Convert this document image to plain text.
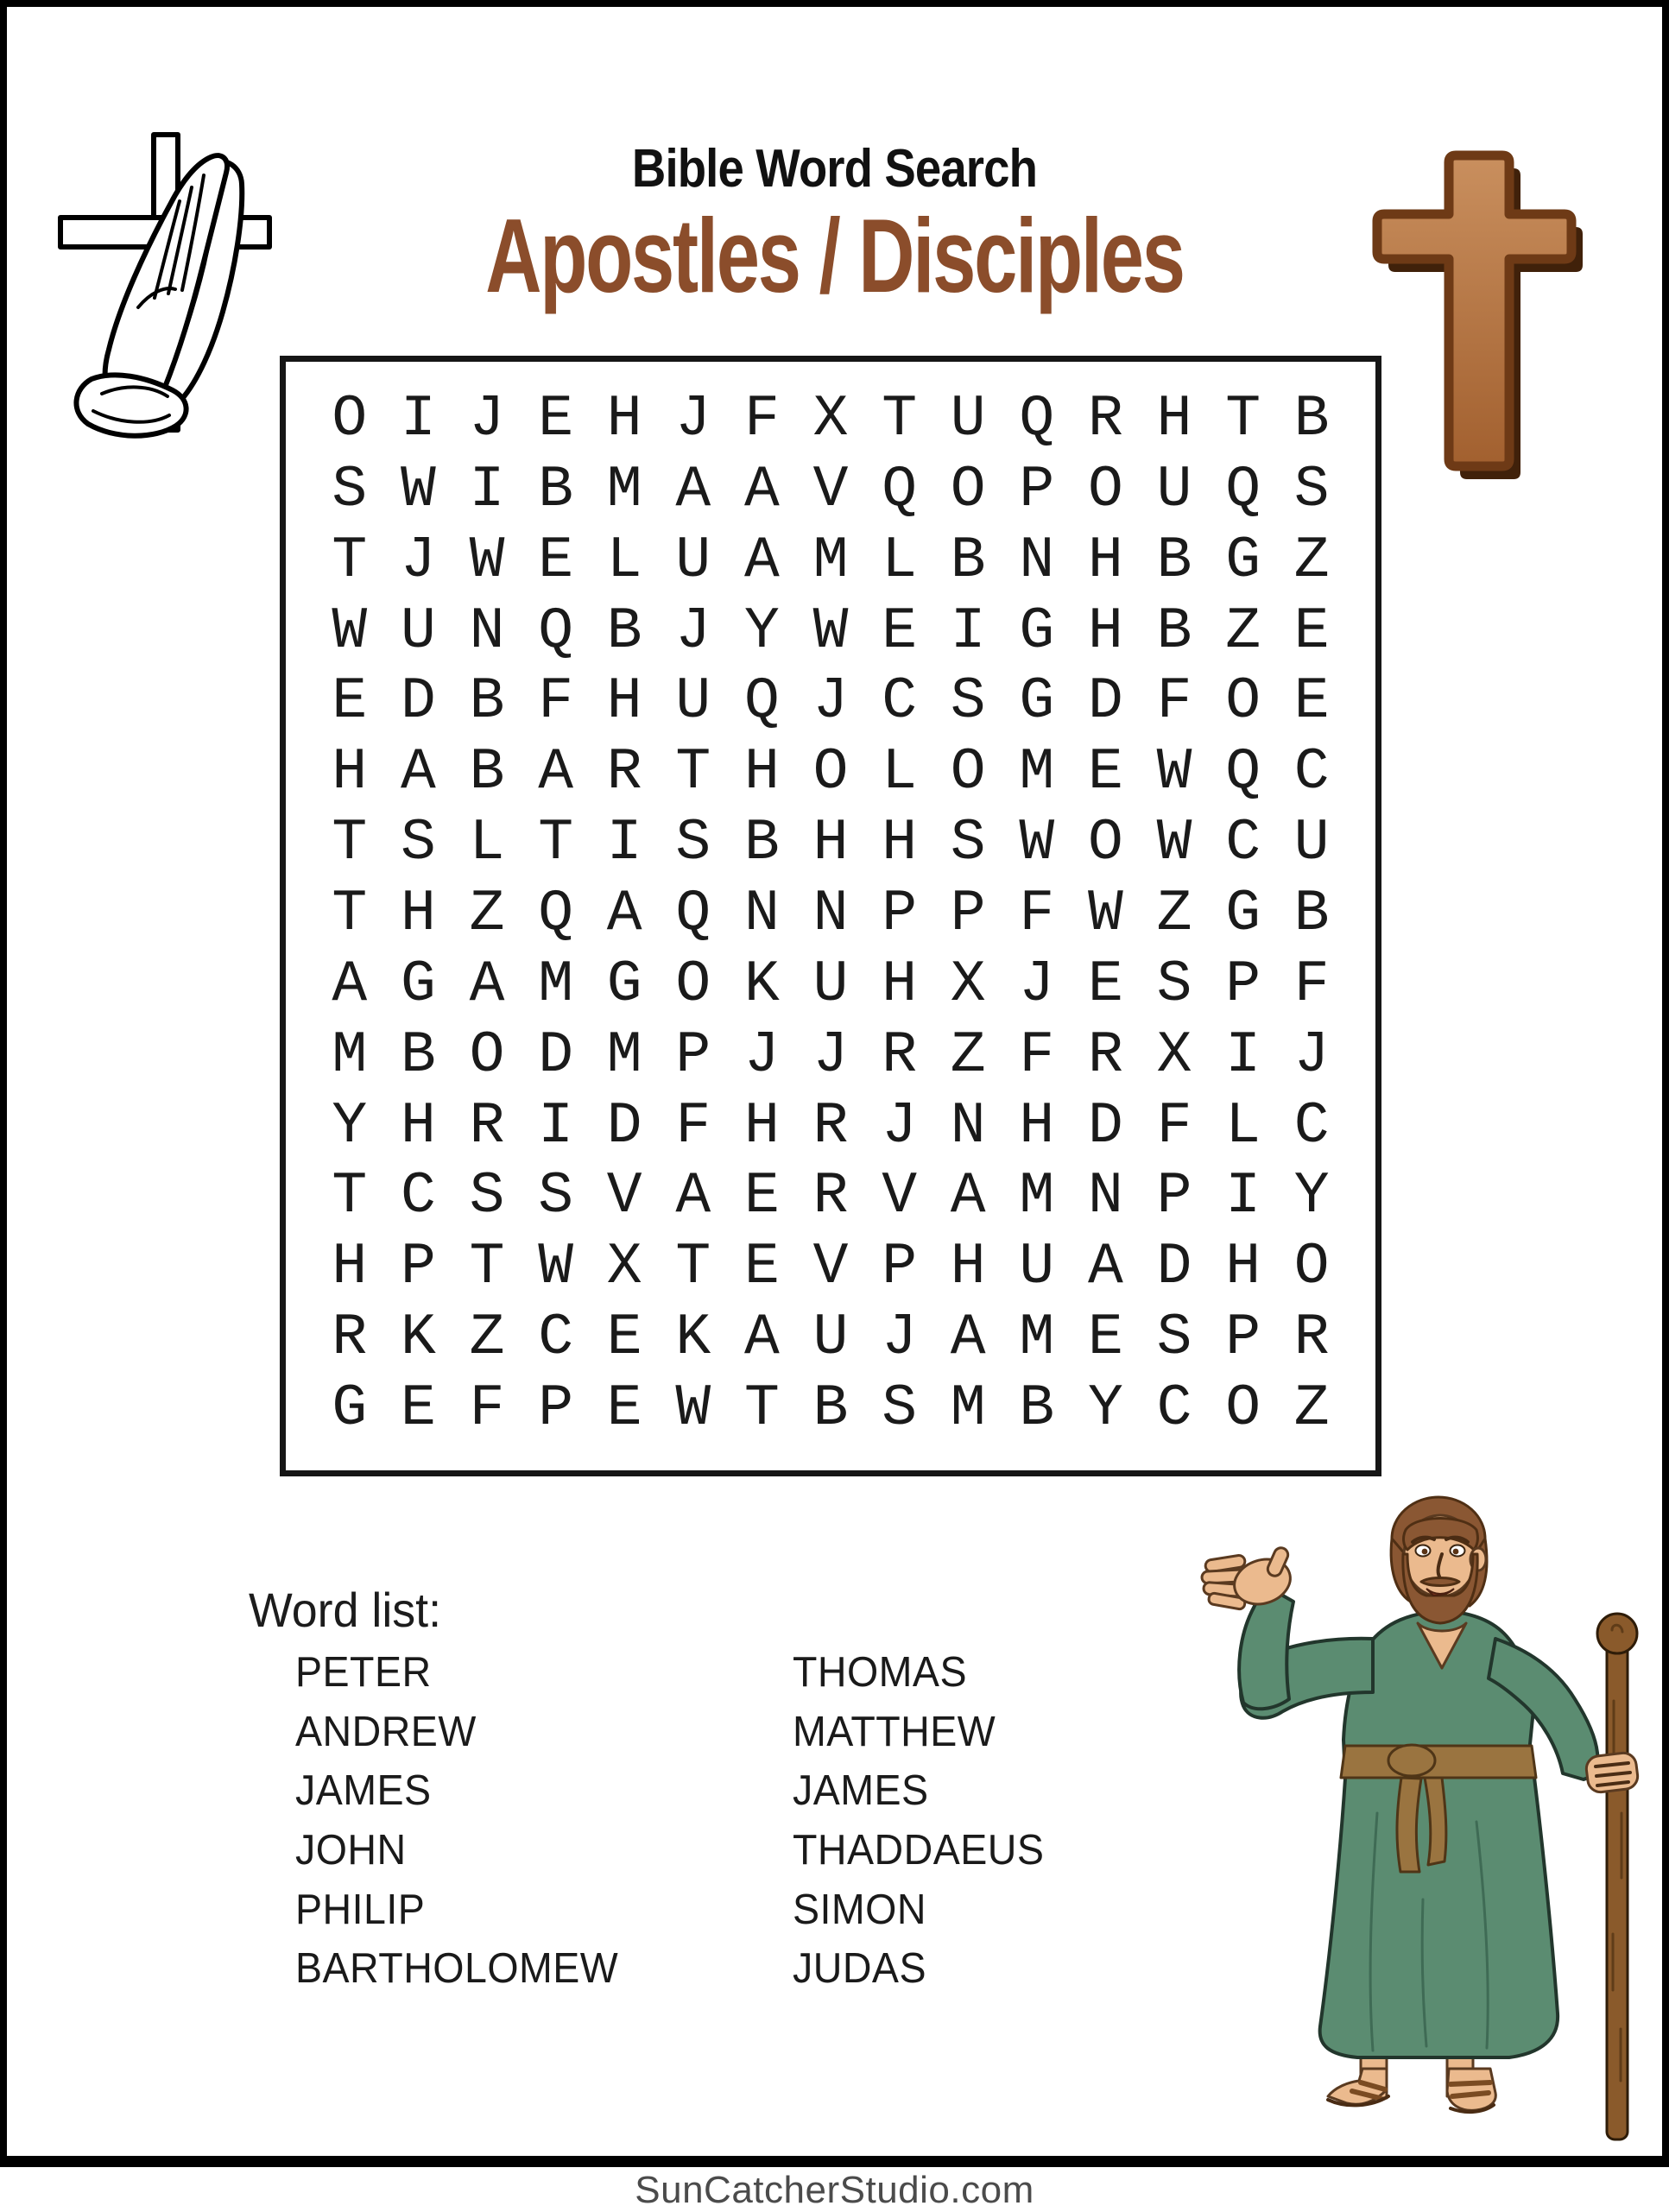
Bible Word Search
Apostles / Disciples
O I J E H J F X T U Q R H T B
S W I B M A A V Q O P O U Q S
T J W E L U A M L B N H B G Z
W U N Q B J Y W E I G H B Z E
E D B F H U Q J C S G D F O E
H A B A R T H O L O M E W Q C
T S L T I S B H H S W O W C U
T H Z Q A Q N N P P F W Z G B
A G A M G O K U H X J E S P F
M B O D M P J J R Z F R X I J
Y H R I D F H R J N H D F L C
T C S S V A E R V A M N P I Y
H P T W X T E V P H U A D H O
R K Z C E K A U J A M E S P R
G E F P E W T B S M B Y C O Z
Word list:
PETER
ANDREW
JAMES
JOHN
PHILIP
BARTHOLOMEW
THOMAS
MATTHEW
JAMES
THADDAEUS
SIMON
JUDAS
SunCatcherStudio.com
